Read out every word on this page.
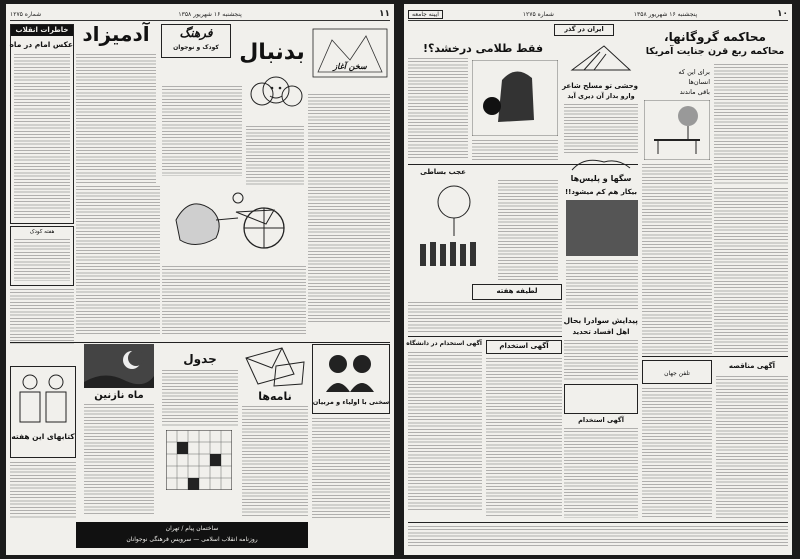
۱۱
پنجشنبه ۱۶ شهریور ۱۳۵۸
شماره ۱۲۷۵
آدمیزاد
خاطرات انقلاب
عکس امام در ماه
هفته کودک
فرهنگ
کودک و نوجوان بدنبال
سخن آغاز
ماه نازنین
کتابهای این هفته
جدول
نامه‌ها	سخنی با اولیاء و مربیان
ساختمان پیام / تهران
روزنامه انقلاب اسلامی — سرویس فرهنگی نوجوانان
۱۰
پنجشنبه ۱۶ شهریور ۱۳۵۸
شماره ۱۲۷۵
آیینه جامعه
محاکمه گروگانها،
محاکمه ربع قرن جنایت آمریکا
برای این که
انسان‌ها
باقی ماندند
ایران در گذر
فقط طلامی درخشد؟!
وحشی تو مسلح شاعر
وارو بداز آن دیری آید
عجب بساطی
سگها و پلیس‌ها
بیکار هم کم میشود!!
لطیفه هفته
پیدایش سوادرا بحال
اهل افساد تحدید
آگهی استخدام در دانشگاه	آگهی استخدام
آگهی استخدام
تلفن جهان
آگهی مناقصه
